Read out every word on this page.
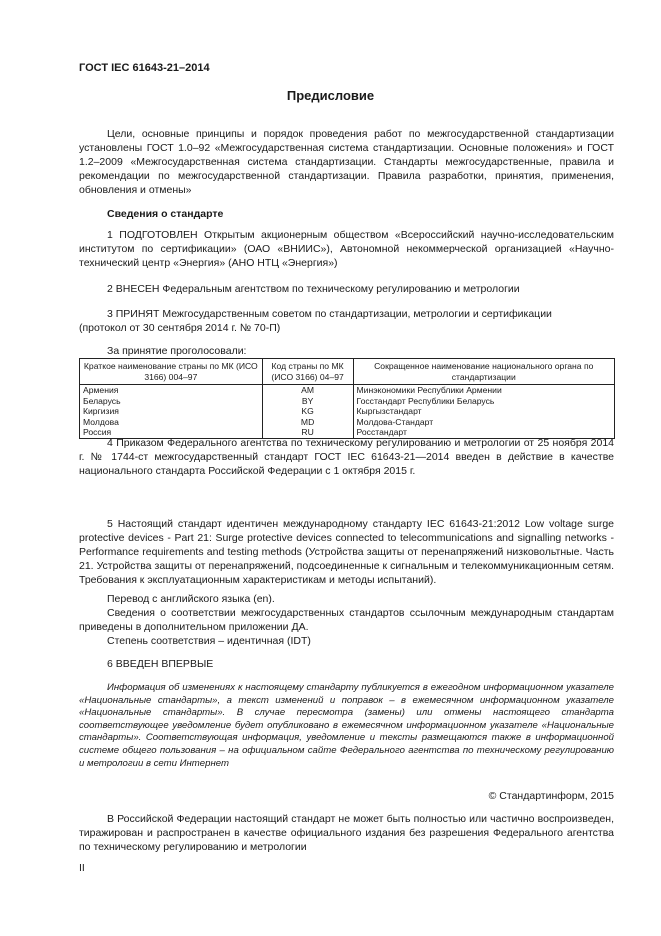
ГОСТ IEC 61643-21–2014
Предисловие
Цели, основные принципы и порядок проведения работ по межгосударственной стандартизации установлены ГОСТ 1.0–92 «Межгосударственная система стандартизации. Основные положения» и ГОСТ 1.2–2009 «Межгосударственная система стандартизации. Стандарты межгосударственные, правила и рекомендации по межгосударственной стандартизации. Правила разработки, принятия, применения, обновления и отмены»
Сведения о стандарте
1 ПОДГОТОВЛЕН Открытым акционерным обществом «Всероссийский научно-исследовательским институтом по сертификации» (ОАО «ВНИИС»), Автономной некоммерческой организацией «Научно-технический центр «Энергия» (АНО НТЦ «Энергия»)
2 ВНЕСЕН Федеральным агентством по техническому регулированию и метрологии
3 ПРИНЯТ Межгосударственным советом по стандартизации, метрологии и сертификации
(протокол от 30 сентября 2014 г. № 70-П)
За принятие проголосовали:
Краткое наименование страны по МК (ИСО 3166) 004–97	Код страны по МК (ИСО 3166) 04–97	Сокращенное наименование национального органа по стандартизации
Армения	AM	Минэкономики Республики Армении
Беларусь	BY	Госстандарт Республики Беларусь
Киргизия	KG	Кыргызстандарт
Молдова	MD	Молдова-Стандарт
Россия	RU	Росстандарт
4 Приказом Федерального агентства по техническому регулированию и метрологии от 25 ноября 2014 г. № 1744-ст межгосударственный стандарт ГОСТ IEC 61643-21—2014 введен в действие в качестве национального стандарта Российской Федерации с 1 октября 2015 г.
5 Настоящий стандарт идентичен международному стандарту IEC 61643-21:2012 Low voltage surge protective devices - Part 21: Surge protective devices connected to telecommunications and signalling networks - Performance requirements and testing methods (Устройства защиты от перенапряжений низковольтные. Часть 21. Устройства защиты от перенапряжений, подсоединенные к сигнальным и телекоммуникационным сетям. Требования к эксплуатационным характеристикам и методы испытаний).
Перевод с английского языка (en).
Сведения о соответствии межгосударственных стандартов ссылочным международным стандартам приведены в дополнительном приложении ДА.
Степень соответствия – идентичная (IDT)
6 ВВЕДЕН ВПЕРВЫЕ
Информация об изменениях к настоящему стандарту публикуется в ежегодном информационном указателе «Национальные стандарты», а текст изменений и поправок – в ежемесячном информационном указателе «Национальные стандарты». В случае пересмотра (замены) или отмены настоящего стандарта соответствующее уведомление будет опубликовано в ежемесячном информационном указателе «Национальные стандарты». Соответствующая информация, уведомление и тексты размещаются также в информационной системе общего пользования – на официальном сайте Федерального агентства по техническому регулированию и метрологии в сети Интернет
© Стандартинформ, 2015
В Российской Федерации настоящий стандарт не может быть полностью или частично воспроизведен, тиражирован и распространен в качестве официального издания без разрешения Федерального агентства по техническому регулированию и метрологии
II
